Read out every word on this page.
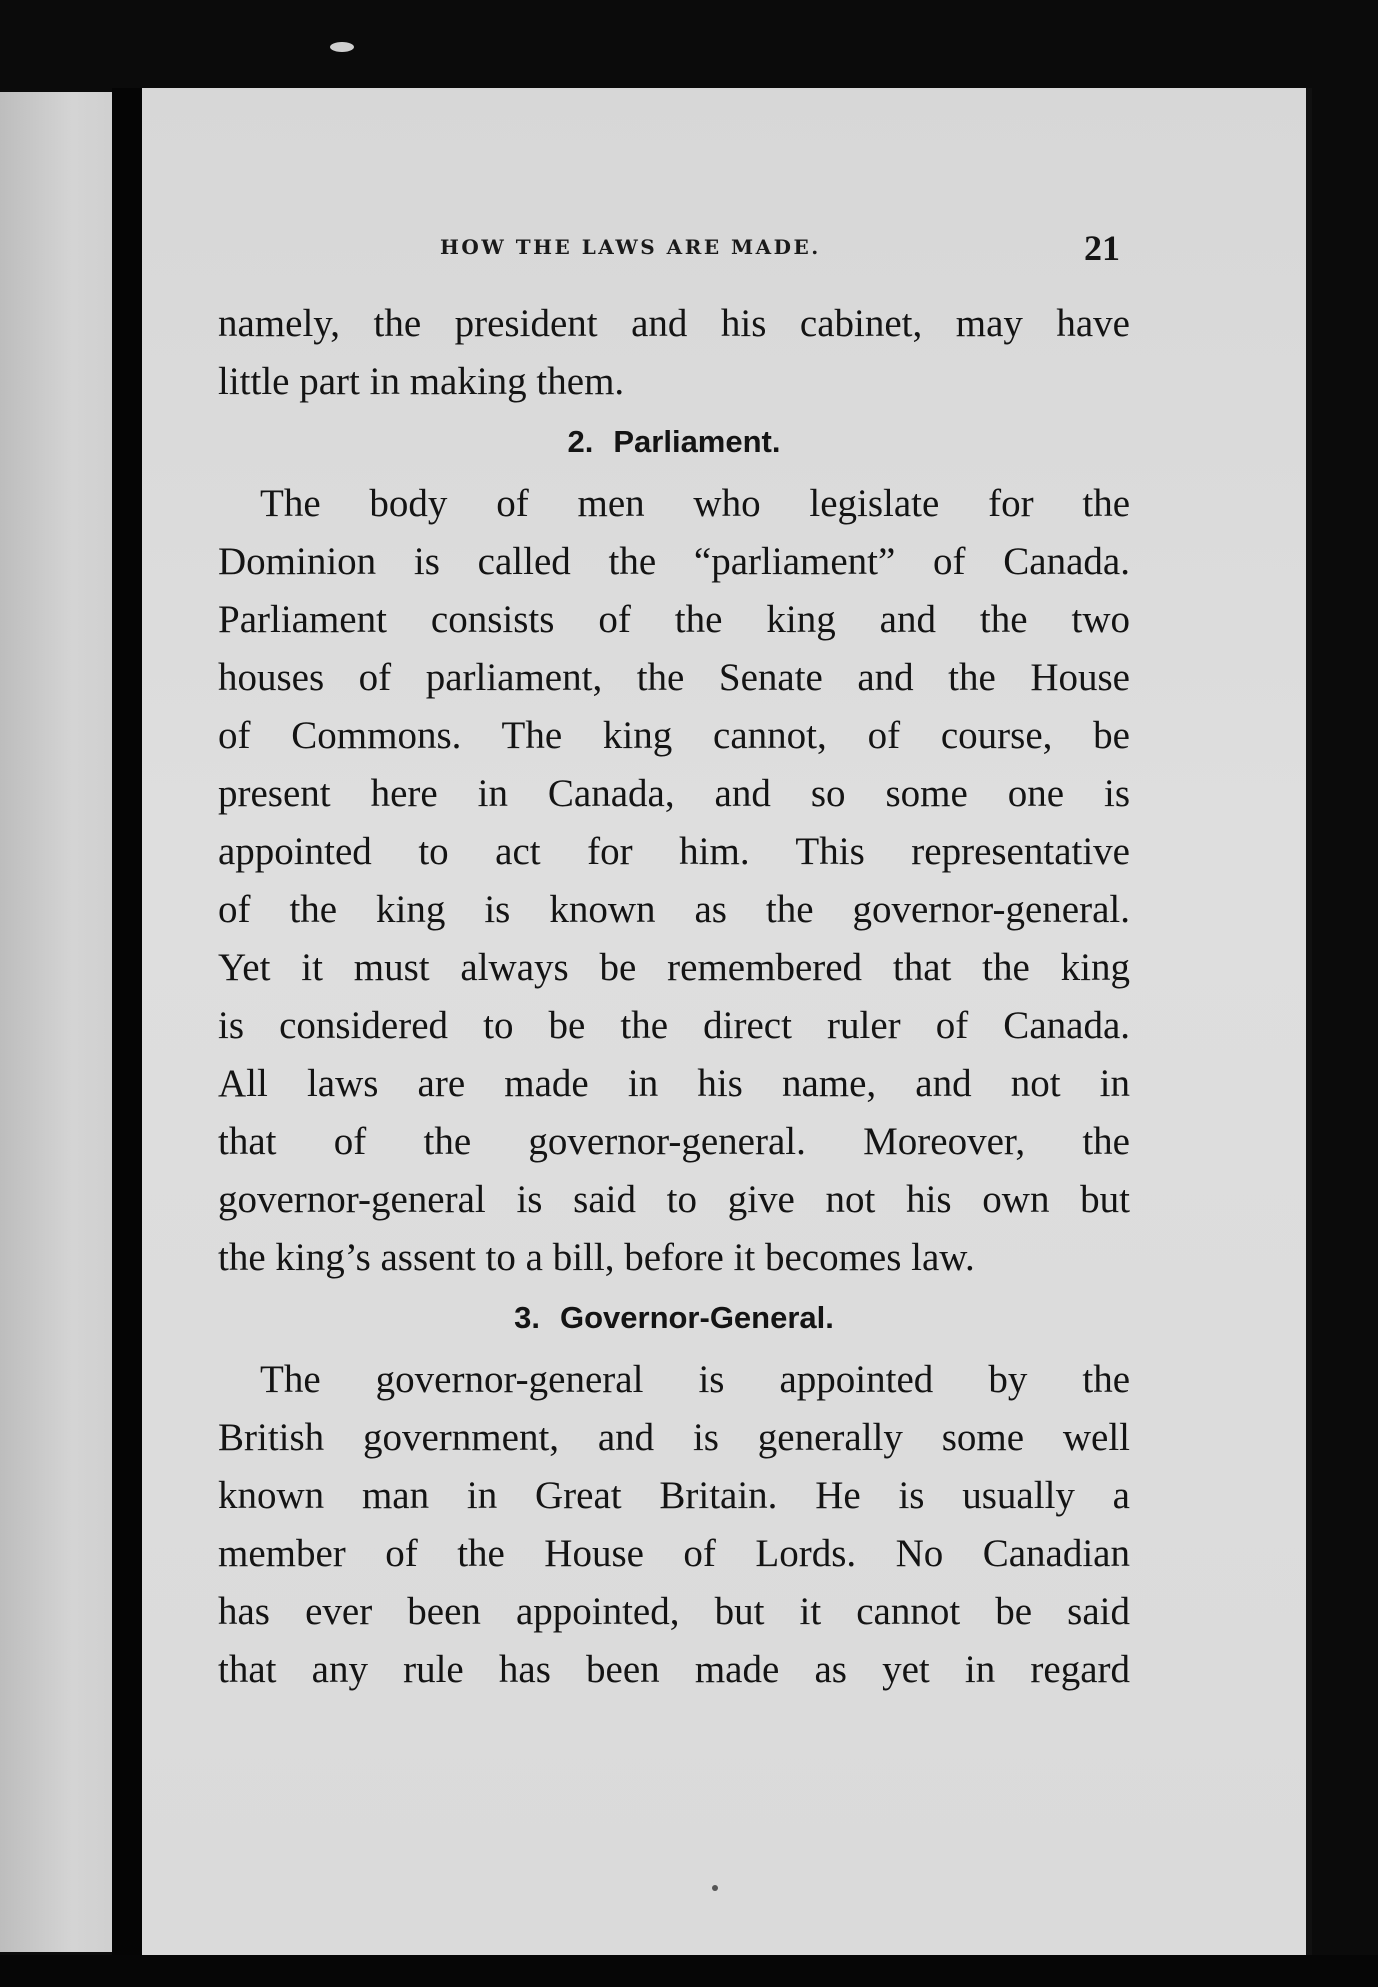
HOW THE LAWS ARE MADE.	21
namely, the president and his cabinet, may have
little part in making them.
2. Parliament.
The body of men who legislate for the
Dominion is called the “parliament” of Canada.
Parliament consists of the king and the two
houses of parliament, the Senate and the House
of Commons. The king cannot, of course, be
present here in Canada, and so some one is
appointed to act for him. This representative
of the king is known as the governor-general.
Yet it must always be remembered that the king
is considered to be the direct ruler of Canada.
All laws are made in his name, and not in
that of the governor-general. Moreover, the
governor-general is said to give not his own but
the king’s assent to a bill, before it becomes law.
3. Governor-General.
The governor-general is appointed by the
British government, and is generally some well
known man in Great Britain. He is usually a
member of the House of Lords. No Canadian
has ever been appointed, but it cannot be said
that any rule has been made as yet in regard
